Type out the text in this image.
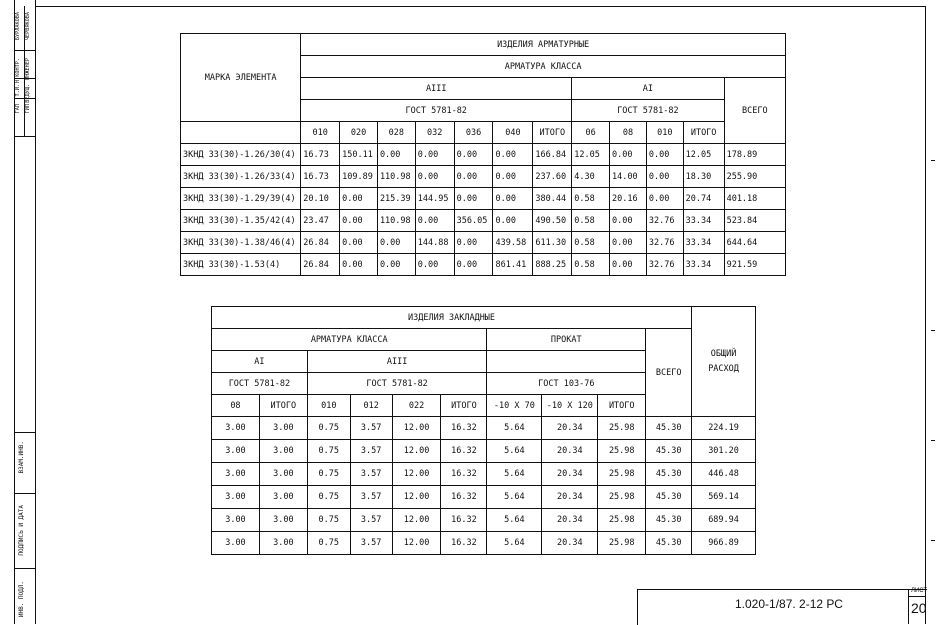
ГАП
Т.И.
Н.КОНТР.
БУРЛАКОВА
ГИП
ВЕДУЩ.
ИНЖЕНЕР
ЧЕРВЯКОВА
ВЗАМ.ИНВ.
ПОДПИСЬ И ДАТА
ИНВ. ПОДЛ.
МАРКА ЭЛЕМЕНТА	ИЗДЕЛИЯ АРМАТУРНЫЕ											
	АРМАТУРА КЛАССА											
	AIII							AI				ВСЕГО
	ГОСТ 5781-82							ГОСТ 5781-82				
	010	020	028	032	036	040	ИТОГО	06	08	010	ИТОГО	
ЗКНД 33(30)-1.26/30(4)	16.73	150.11	0.00	0.00	0.00	0.00	166.84	12.05	0.00	0.00	12.05	178.89
ЗКНД 33(30)-1.26/33(4)	16.73	109.89	110.98	0.00	0.00	0.00	237.60	4.30	14.00	0.00	18.30	255.90
ЗКНД 33(30)-1.29/39(4)	20.10	0.00	215.39	144.95	0.00	0.00	380.44	0.58	20.16	0.00	20.74	401.18
ЗКНД 33(30)-1.35/42(4)	23.47	0.00	110.98	0.00	356.05	0.00	490.50	0.58	0.00	32.76	33.34	523.84
ЗКНД 33(30)-1.38/46(4)	26.84	0.00	0.00	144.88	0.00	439.58	611.30	0.58	0.00	32.76	33.34	644.64
ЗКНД 33(30)-1.53(4)	26.84	0.00	0.00	0.00	0.00	861.41	888.25	0.58	0.00	32.76	33.34	921.59
ИЗДЕЛИЯ ЗАКЛАДНЫЕ										ОБЩИЙ РАСХОД
АРМАТУРА КЛАССА						ПРОКАТ			ВСЕГО	
AI		AIII								
ГОСТ 5781-82		ГОСТ 5781-82				ГОСТ 103-76				
08	ИТОГО	010	012	022	ИТОГО	-10 X 70	-10 X 120	ИТОГО		
3.00	3.00	0.75	3.57	12.00	16.32	5.64	20.34	25.98	45.30	224.19
3.00	3.00	0.75	3.57	12.00	16.32	5.64	20.34	25.98	45.30	301.20
3.00	3.00	0.75	3.57	12.00	16.32	5.64	20.34	25.98	45.30	446.48
3.00	3.00	0.75	3.57	12.00	16.32	5.64	20.34	25.98	45.30	569.14
3.00	3.00	0.75	3.57	12.00	16.32	5.64	20.34	25.98	45.30	689.94
3.00	3.00	0.75	3.57	12.00	16.32	5.64	20.34	25.98	45.30	966.89
1.020-1/87. 2-12 РС
ЛИСТ
20
